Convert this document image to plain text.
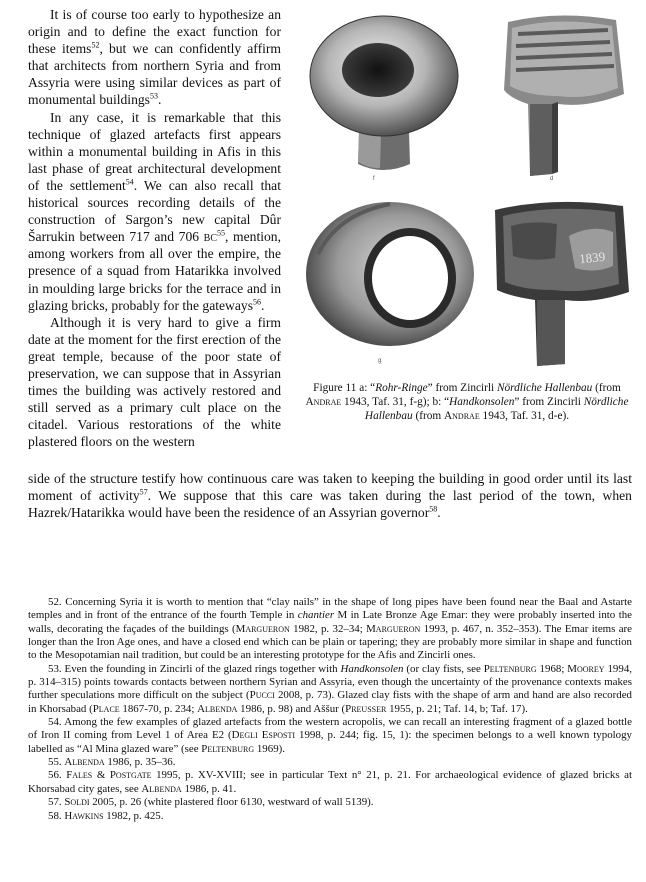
It is of course too early to hypothesize an origin and to define the exact function for these items$^{52}$, but we can confidently affirm that architects from northern Syria and from Assyria were using similar devices as part of monumental buildings$^{53}$.

In any case, it is remarkable that this technique of glazed artefacts first appears within a monumental building in Afis in this last phase of great architectural development of the settlement$^{54}$. We can also recall that historical sources recording details of the construction of Sargon’s new capital Dûr Šarrukin between 717 and 706 $bc^{55}$, mention, among workers from all over the empire, the presence of a squad from Hatarikka involved in moulding large bricks for the terrace and in glazing bricks, probably for the gateways$^{56}$.

Although it is very hard to give a firm date at the moment for the first erection of the great temple, because of the poor state of preservation, we can suppose that in Assyrian times the building was actively restored and still served as a primary cult place on the citadel. Various restorations of the white plastered floors on the western

side of the structure testify how continuous care was taken to keeping the building in good order until its last moment of activity$^{57}$. We suppose that this care was taken during the last period of the town, when Hazrek/Hatarikka would have been the residence of an Assyrian governor$^{58}$.

f	d
g
1839
e
Figure 11 a: “Rohr-Ringe” from Zincirli Nördliche Hallenbau (from Andrae 1943, Taf. 31, f-g); b: “Handkonsolen” from Zincirli Nördliche Hallenbau (from Andrae 1943, Taf. 31, d-e).

52. Concerning Syria it is worth to mention that “clay nails” in the shape of long pipes have been found near the Baal and Astarte temples and in front of the entrance of the fourth Temple in chantier M in Late Bronze Age Emar: they were probably inserted into the walls, decorating the façades of the buildings (Margueron 1982, p. 32–34; Margueron 1993, p. 467, n. 352–353). The Emar items are longer than the Iron Age ones, and have a closed end which can be plain or tapering; they are probably more similar in shape and function to the Mesopotamian nail tradition, but could be an interesting prototype for the Afis and Zincirli ones.

53. Even the founding in Zincirli of the glazed rings together with Handkonsolen (or clay fists, see Peltenburg 1968; Moorey 1994, p. 314–315) points towards contacts between northern Syrian and Assyria, even though the uncertainty of the provenance contexts makes further speculations more difficult on the subject (Pucci 2008, p. 73). Glazed clay fists with the shape of arm and hand are also recorded in Khorsabad (Place 1867-70, p. 234; Albenda 1986, p. 98) and Aššur (Preusser 1955, p. 21; Taf. 14, b; Taf. 17).

54. Among the few examples of glazed artefacts from the western acropolis, we can recall an interesting fragment of a glazed bottle of Iron II coming from Level 1 of Area E2 (Degli Esposti 1998, p. 244; fig. 15, 1): the specimen belongs to a well known typology labelled as “Al Mina glazed ware” (see Peltenburg 1969).

55. Albenda 1986, p. 35–36.

56. Fales & Postgate 1995, p. XV-XVIII; see in particular Text n° 21, p. 21. For archaeological evidence of glazed bricks at Khorsabad city gates, see Albenda 1986, p. 41.

57. Soldi 2005, p. 26 (white plastered floor 6130, westward of wall 5139).

58. Hawkins 1982, p. 425.
